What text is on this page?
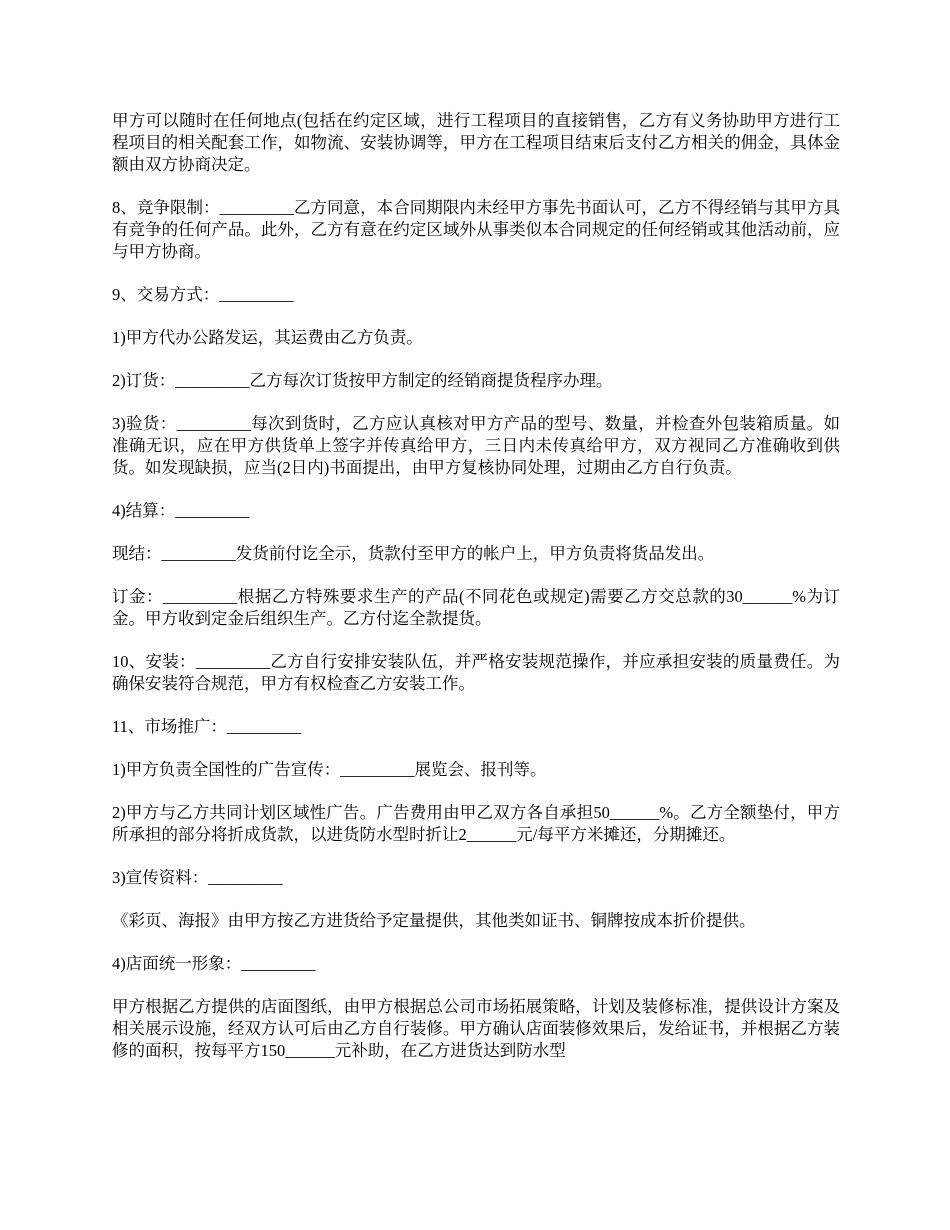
甲方可以随时在任何地点(包括在约定区域，进行工程项目的直接销售，乙方有义务协助甲方进行工程项目的相关配套工作，如物流、安装协调等，甲方在工程项目结束后支付乙方相关的佣金，具体金额由双方协商决定。

8、竞争限制：_________乙方同意，本合同期限内未经甲方事先书面认可，乙方不得经销与其甲方具有竞争的任何产品。此外，乙方有意在约定区域外从事类似本合同规定的任何经销或其他活动前，应与甲方协商。

9、交易方式：_________

1)甲方代办公路发运，其运费由乙方负责。

2)订货：_________乙方每次订货按甲方制定的经销商提货程序办理。

3)验货：_________每次到货时，乙方应认真核对甲方产品的型号、数量，并检查外包装箱质量。如准确无识，应在甲方供货单上签字并传真给甲方，三日内未传真给甲方，双方视同乙方准确收到供货。如发现缺损，应当(2日内)书面提出，由甲方复核协同处理，过期由乙方自行负责。

4)结算：_________

现结：_________发货前付讫全示，货款付至甲方的帐户上，甲方负责将货品发出。

订金：_________根据乙方特殊要求生产的产品(不同花色或规定)需要乙方交总款的30______%为订金。甲方收到定金后组织生产。乙方付迄全款提货。

10、安装：_________乙方自行安排安装队伍，并严格安装规范操作，并应承担安装的质量费任。为确保安装符合规范，甲方有权检查乙方安装工作。

11、市场推广：_________

1)甲方负责全国性的广告宣传：_________展览会、报刊等。

2)甲方与乙方共同计划区域性广告。广告费用由甲乙双方各自承担50______%。乙方全额垫付，甲方所承担的部分将折成货款，以进货防水型时折让2______元/每平方米摊还，分期摊还。

3)宣传资料：_________

《彩页、海报》由甲方按乙方进货给予定量提供，其他类如证书、铜牌按成本折价提供。

4)店面统一形象：_________

甲方根据乙方提供的店面图纸，由甲方根据总公司市场拓展策略，计划及装修标准，提供设计方案及相关展示设施，经双方认可后由乙方自行装修。甲方确认店面装修效果后，发给证书，并根据乙方装修的面积，按每平方150______元补助，在乙方进货达到防水型
